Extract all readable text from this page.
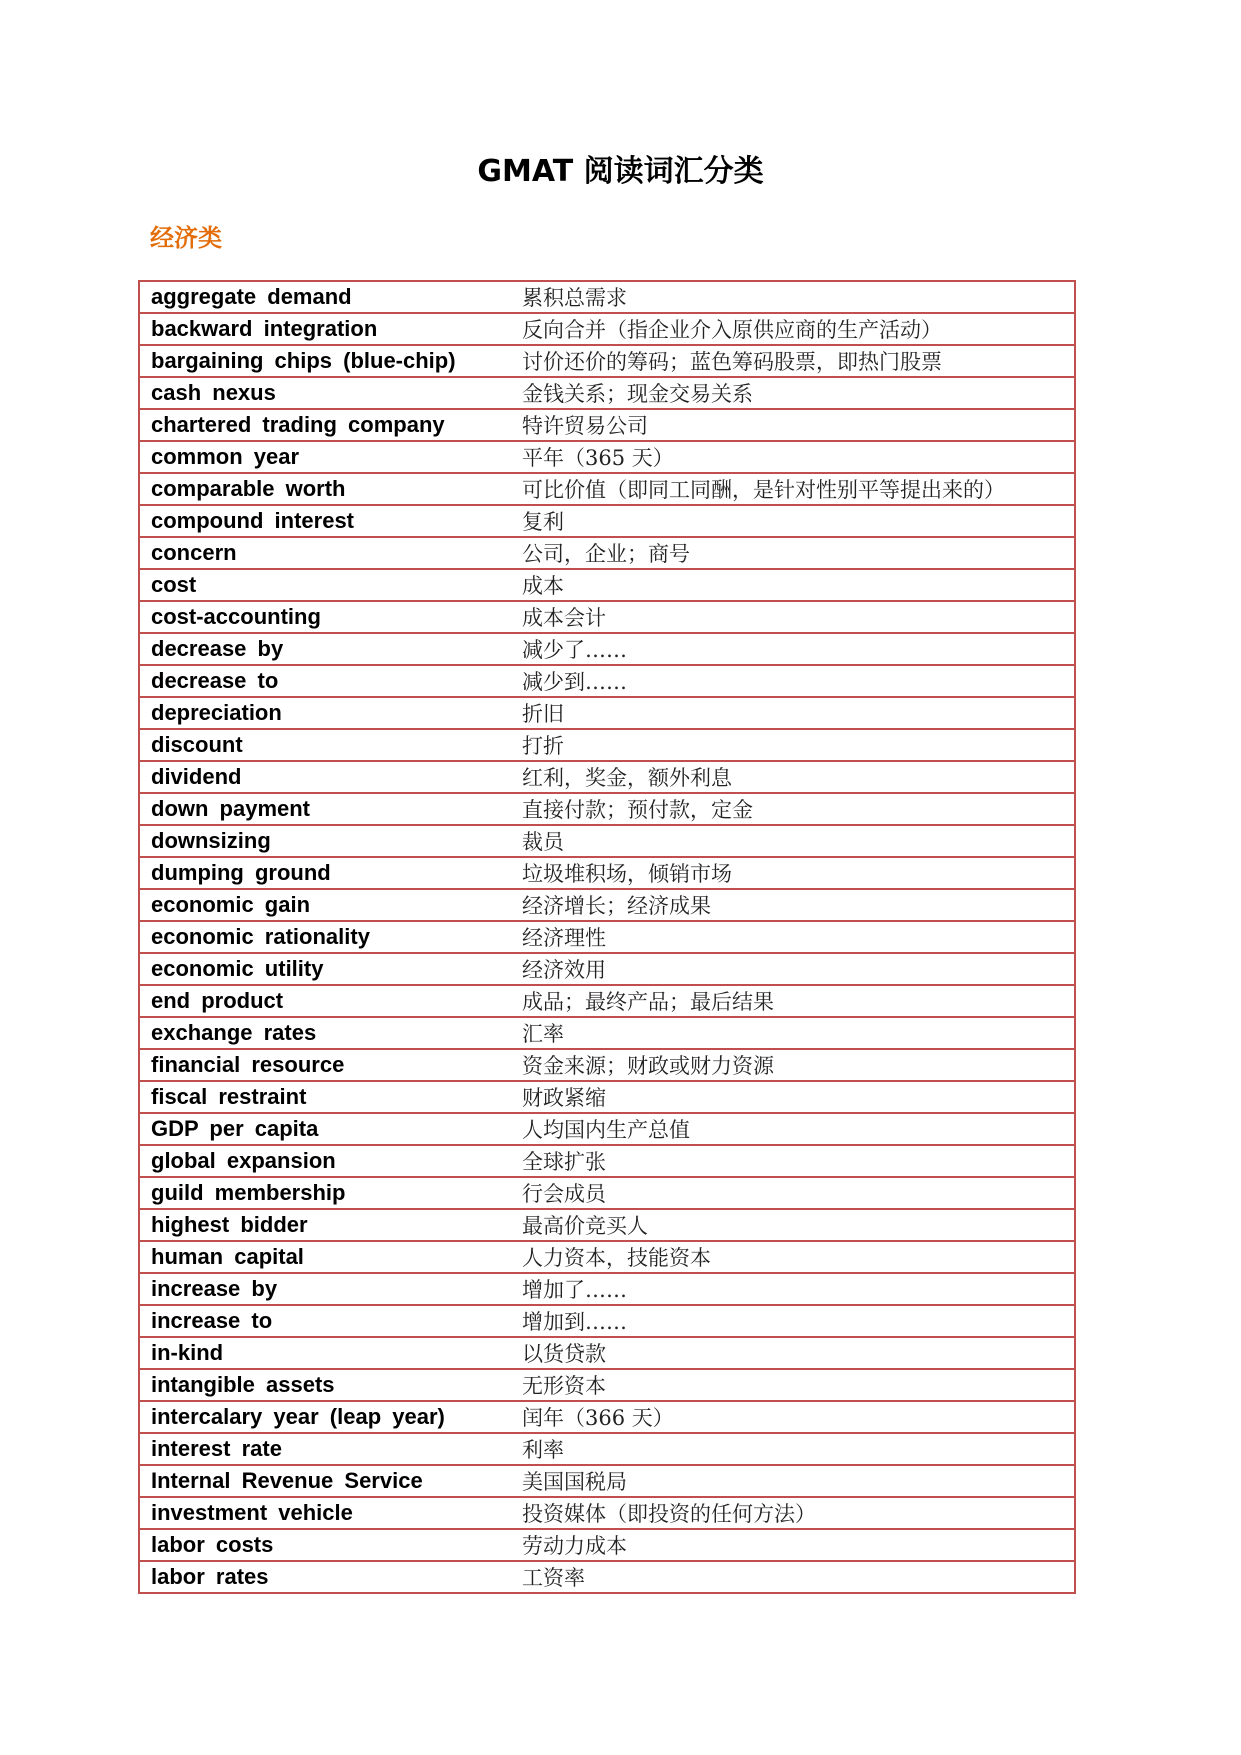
GMAT 阅读词汇分类
经济类
aggregate demand	累积总需求
backward integration	反向合并（指企业介入原供应商的生产活动）
bargaining chips (blue-chip)	讨价还价的筹码；蓝色筹码股票，即热门股票
cash nexus	金钱关系；现金交易关系
chartered trading company	特许贸易公司
common year	平年（365 天）
comparable worth	可比价值（即同工同酬，是针对性别平等提出来的）
compound interest	复利
concern	公司，企业；商号
cost	成本
cost-accounting	成本会计
decrease by	减少了……
decrease to	减少到……
depreciation	折旧
discount	打折
dividend	红利，奖金，额外利息
down payment	直接付款；预付款，定金
downsizing	裁员
dumping ground	垃圾堆积场，倾销市场
economic gain	经济增长；经济成果
economic rationality	经济理性
economic utility	经济效用
end product	成品；最终产品；最后结果
exchange rates	汇率
financial resource	资金来源；财政或财力资源
fiscal restraint	财政紧缩
GDP per capita	人均国内生产总值
global expansion	全球扩张
guild membership	行会成员
highest bidder	最高价竞买人
human capital	人力资本，技能资本
increase by	增加了……
increase to	增加到……
in-kind	以货贷款
intangible assets	无形资本
intercalary year (leap year)	闰年（366 天）
interest rate	利率
Internal Revenue Service	美国国税局
investment vehicle	投资媒体（即投资的任何方法）
labor costs	劳动力成本
labor rates	工资率
